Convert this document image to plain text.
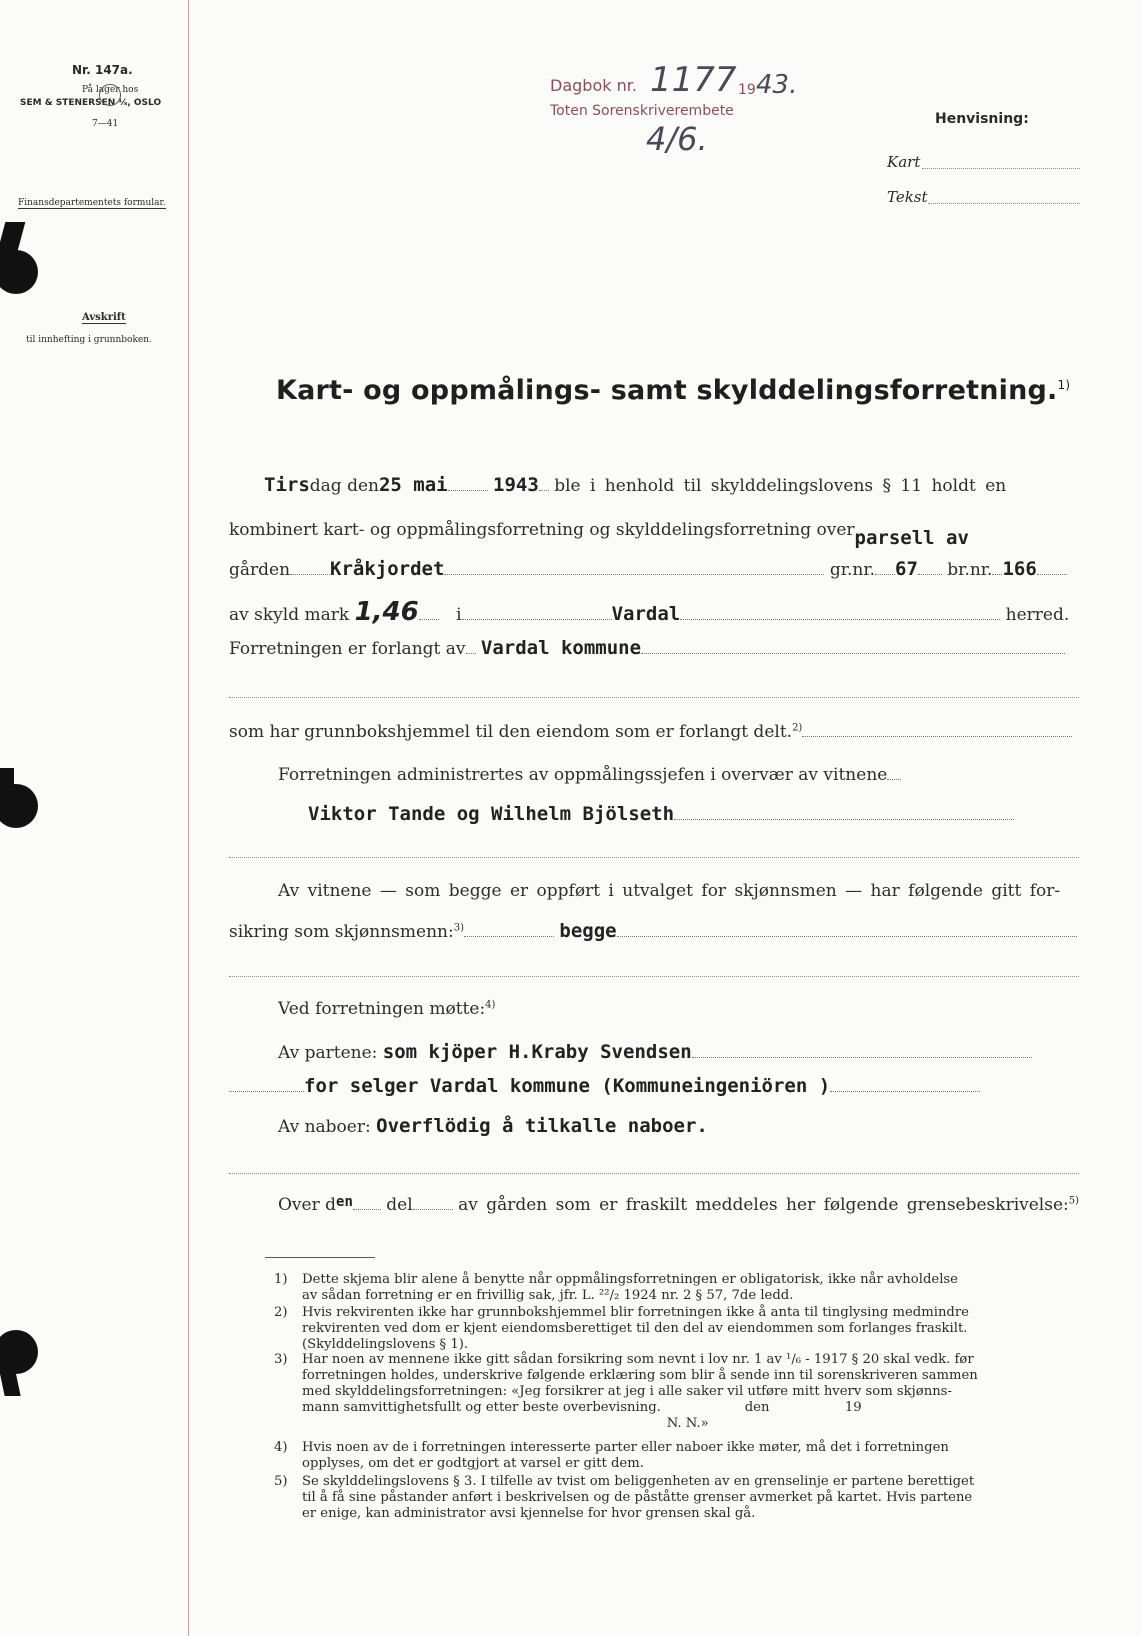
Nr. 147a.
På lager hos
SEM & STENERSEN ⅟ₛ, OSLO
7—41
Finansdepartementets formular.
Avskrift
til innhefting i grunnboken.
Dagbok nr. 1177 19 43.
Toten Sorenskriverembete
4/6.
Henvisning:
Kart
Tekst
Kart- og oppmålings- samt skylddelingsforretning.$^{1)}$
Tirsdag den25 mai 1943 ble i henhold til skylddelingslovens § 11 holdt en
kombinert kart- og oppmålingsforretning og skylddelingsforretning overparsell av
gården Kråkjordet	gr.nr. 67 br.nr. 166
av skyld mark 1,46 i	Vardal	herred.
Forretningen er forlangt av Vardal kommune
som har grunnbokshjemmel til den eiendom som er forlangt delt.$^{2)}$
Forretningen administrertes av oppmålingssjefen i overvær av vitnene
Viktor Tande og Wilhelm Bjölseth
Av vitnene — som begge er oppført i utvalget for skjønnsmen — har følgende gitt for-
sikring som skjønnsmenn:$^{3)}$	begge
Ved forretningen møtte:$^{4)}$
Av partene: som kjöper H.Kraby Svendsen
for selger Vardal kommune (Kommuneingeniören )
Av naboer: Overflödig å tilkalle naboer.
Over $d^{en}$ del	av gården som er fraskilt meddeles her følgende grensebeskrivelse:$^{5)}$
1) Dette skjema blir alene å benytte når oppmålingsforretningen er obligatorisk, ikke når avholdelse
av sådan forretning er en frivillig sak, jfr. L. ²²/₂ 1924 nr. 2 § 57, 7de ledd.
2) Hvis rekvirenten ikke har grunnbokshjemmel blir forretningen ikke å anta til tinglysing medmindre
rekvirenten ved dom er kjent eiendomsberettiget til den del av eiendommen som forlanges fraskilt.
(Skylddelingslovens § 1).
3) Har noen av mennene ikke gitt sådan forsikring som nevnt i lov nr. 1 av ¹/₆ - 1917 § 20 skal vedk. før
forretningen holdes, underskrive følgende erklæring som blir å sende inn til sorenskriveren sammen
med skylddelingsforretningen: «Jeg forsikrer at jeg i alle saker vil utføre mitt hverv som skjønns-
mann samvittighetsfullt og etter beste overbevisning.                    den                  19
N. N.»
4) Hvis noen av de i forretningen interesserte parter eller naboer ikke møter, må det i forretningen
opplyses, om det er godtgjort at varsel er gitt dem.
5) Se skylddelingslovens § 3. I tilfelle av tvist om beliggenheten av en grenselinje er partene berettiget
til å få sine påstander anført i beskrivelsen og de påståtte grenser avmerket på kartet. Hvis partene
er enige, kan administrator avsi kjennelse for hvor grensen skal gå.
